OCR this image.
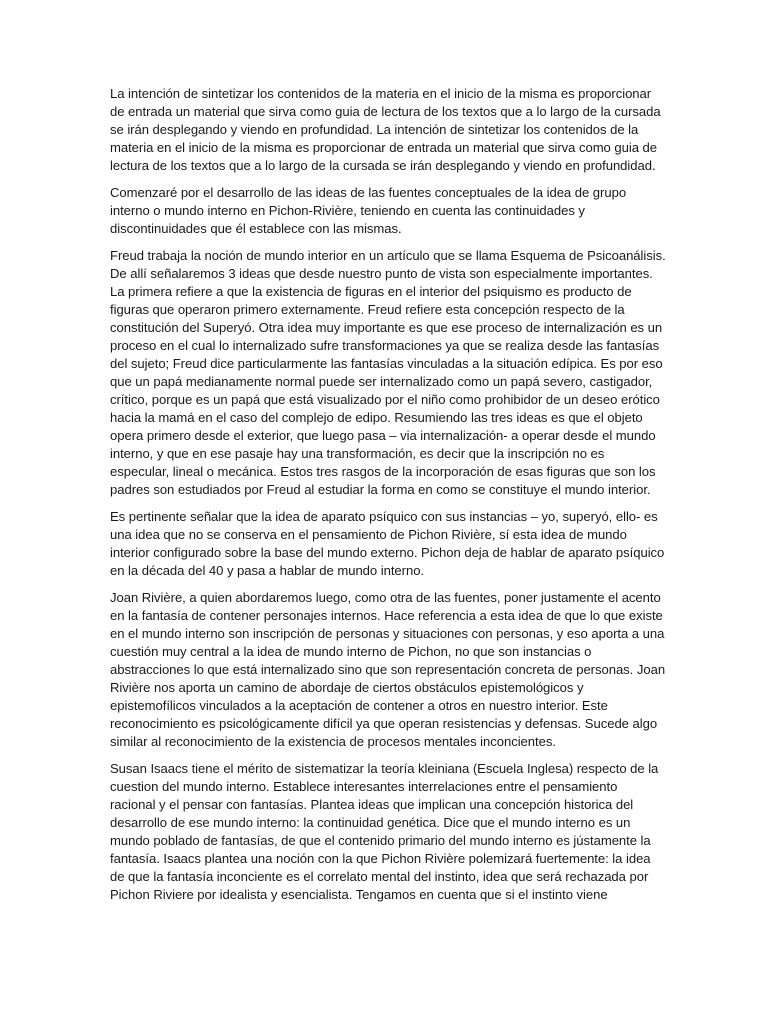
La intención de sintetizar los contenidos de la materia en el inicio de la misma es proporcionar de entrada un material que sirva como guia de lectura de los textos que a lo largo de la cursada se irán desplegando y viendo en profundidad. La intención de sintetizar los contenidos de la materia en el inicio de la misma es proporcionar de entrada un material que sirva como guia de lectura de los textos que a lo largo de la cursada se irán desplegando y viendo en profundidad.

Comenzaré por el desarrollo de las ideas de las fuentes conceptuales de la idea de grupo interno o mundo interno en Pichon-Rivière, teniendo en cuenta las continuidades y discontinuidades que él establece con las mismas.

Freud trabaja la noción de mundo interior en un artículo que se llama Esquema de Psicoanálisis. De allí señalaremos 3 ideas que desde nuestro punto de vista son especialmente importantes. La primera refiere a que la existencia de figuras en el interior del psiquismo es producto de figuras que operaron primero externamente. Freud refiere esta concepción respecto de la constitución del Superyó. Otra idea muy importante es que ese proceso de internalización es un proceso en el cual lo internalizado sufre transformaciones ya que se realiza desde las fantasías del sujeto; Freud dice particularmente las fantasías vinculadas a la situación edípica. Es por eso que un papá medianamente normal puede ser internalizado como un papá severo, castigador, crítico, porque es un papá que está visualizado por el niño como prohibidor de un deseo erótico hacia la mamá en el caso del complejo de edipo. Resumiendo las tres ideas es que el objeto opera primero desde el exterior, que luego pasa – via internalización- a operar desde el mundo interno, y que en ese pasaje hay una transformación, es decir que la inscripción no es especular, lineal o mecánica. Estos tres rasgos de la incorporación de esas figuras que son los padres son estudiados por Freud al estudiar la forma en como se constituye el mundo interior.

Es pertinente señalar que la idea de aparato psíquico con sus instancias – yo, superyó, ello- es una idea que no se conserva en el pensamiento de Pichon Rivière, sí esta idea de mundo interior configurado sobre la base del mundo externo. Pichon deja de hablar de aparato psíquico en la década del 40 y pasa a hablar de mundo interno.

Joan Rivière, a quien abordaremos luego, como otra de las fuentes, poner justamente el acento en la fantasía de contener personajes internos. Hace referencia a esta idea de que lo que existe en el mundo interno son inscripción de personas y situaciones con personas, y eso aporta a una cuestión muy central a la idea de mundo interno de Pichon, no que son instancias o abstracciones lo que está internalizado sino que son representación concreta de personas. Joan Rivière nos aporta un camino de abordaje de ciertos obstáculos epistemológicos y epistemofílicos vinculados a la aceptación de contener a otros en nuestro interior. Este reconocimiento es psicológicamente difícil ya que operan resistencias y defensas. Sucede algo similar al reconocimiento de la existencia de procesos mentales inconcientes.

Susan Isaacs tiene el mérito de sistematizar la teoría kleiniana (Escuela Inglesa) respecto de la cuestion del mundo interno. Establece interesantes interrelaciones entre el pensamiento racional y el pensar con fantasías. Plantea ideas que implican una concepción historica del desarrollo de ese mundo interno: la continuidad genética. Dice que el mundo interno es un mundo poblado de fantasías, de que el contenido primario del mundo interno es jústamente la fantasía. Isaacs plantea una noción con la que Pichon Rivière polemizará fuertemente: la idea de que la fantasía inconciente es el correlato mental del instinto, idea que será rechazada por Pichon Riviere por idealista y esencialista. Tengamos en cuenta que si el instinto viene
